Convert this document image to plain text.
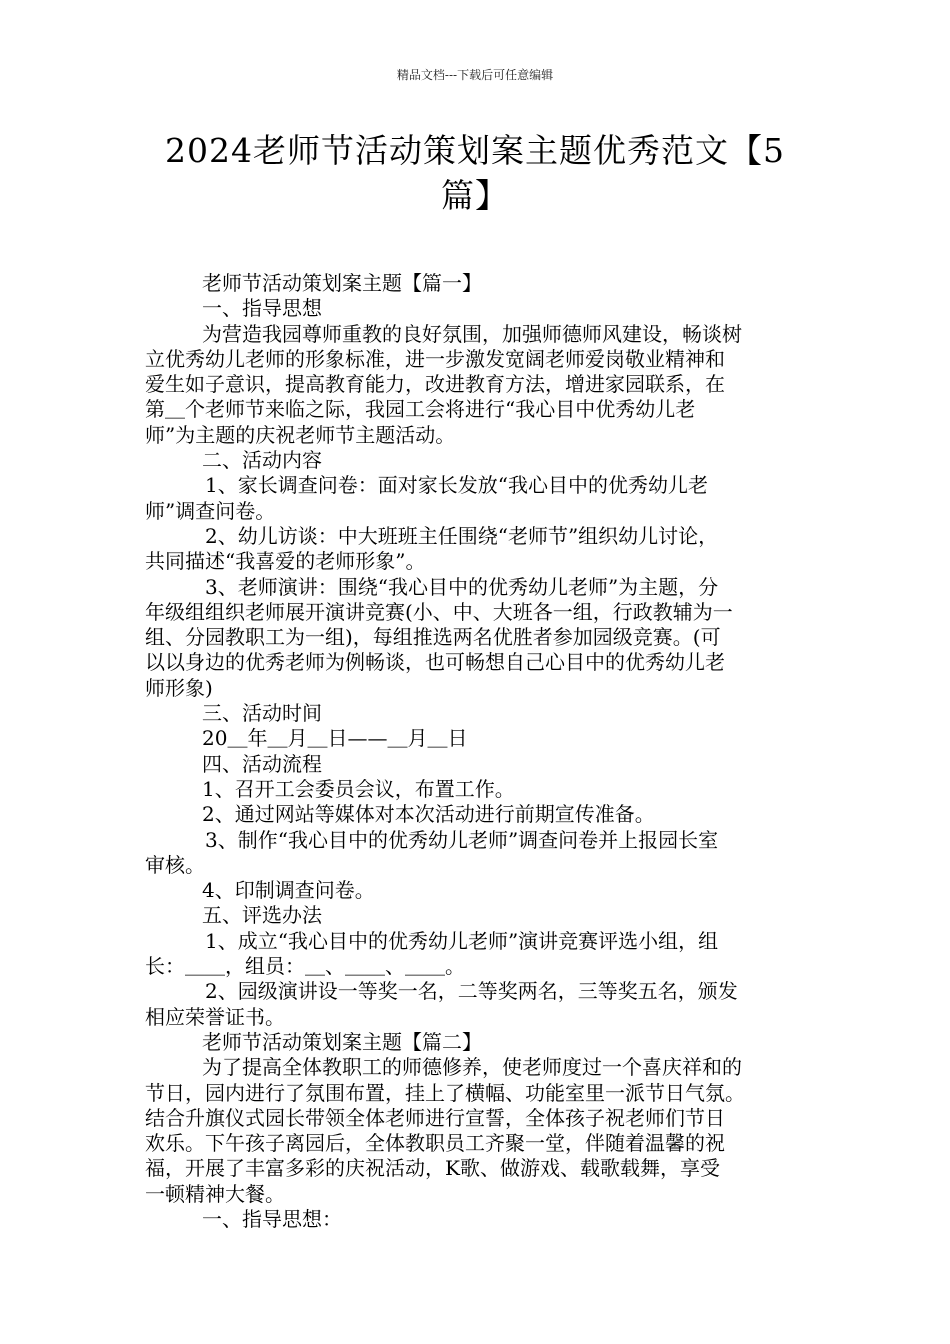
精品文档---下载后可任意编辑
2024老师节活动策划案主题优秀范文【5
篇】
老师节活动策划案主题【篇一】
一、指导思想
为营造我园尊师重教的良好氛围，加强师德师风建设，畅谈树
立优秀幼儿老师的形象标准，进一步激发宽阔老师爱岗敬业精神和
爱生如子意识，提高教育能力，改进教育方法，增进家园联系，在
第＿个老师节来临之际，我园工会将进行“我心目中优秀幼儿老
师”为主题的庆祝老师节主题活动。
二、活动内容
1、家长调查问卷：面对家长发放“我心目中的优秀幼儿老
师”调查问卷。
2、幼儿访谈：中大班班主任围绕“老师节”组织幼儿讨论，
共同描述“我喜爱的老师形象”。
3、老师演讲：围绕“我心目中的优秀幼儿老师”为主题，分
年级组组织老师展开演讲竞赛(小、中、大班各一组，行政教辅为一
组、分园教职工为一组)，每组推选两名优胜者参加园级竞赛。(可
以以身边的优秀老师为例畅谈，也可畅想自己心目中的优秀幼儿老
师形象)
三、活动时间
20＿年＿月＿日——＿月＿日
四、活动流程
1、召开工会委员会议，布置工作。
2、通过网站等媒体对本次活动进行前期宣传准备。
3、制作“我心目中的优秀幼儿老师”调查问卷并上报园长室
审核。
4、印制调查问卷。
五、评选办法
1、成立“我心目中的优秀幼儿老师”演讲竞赛评选小组，组
长：＿＿，组员：＿、＿＿、＿＿。
2、园级演讲设一等奖一名，二等奖两名，三等奖五名，颁发
相应荣誉证书。
老师节活动策划案主题【篇二】
为了提高全体教职工的师德修养，使老师度过一个喜庆祥和的
节日，园内进行了氛围布置，挂上了横幅、功能室里一派节日气氛。
结合升旗仪式园长带领全体老师进行宣誓，全体孩子祝老师们节日
欢乐。下午孩子离园后，全体教职员工齐聚一堂，伴随着温馨的祝
福，开展了丰富多彩的庆祝活动，K歌、做游戏、载歌载舞，享受
一顿精神大餐。
一、指导思想：
